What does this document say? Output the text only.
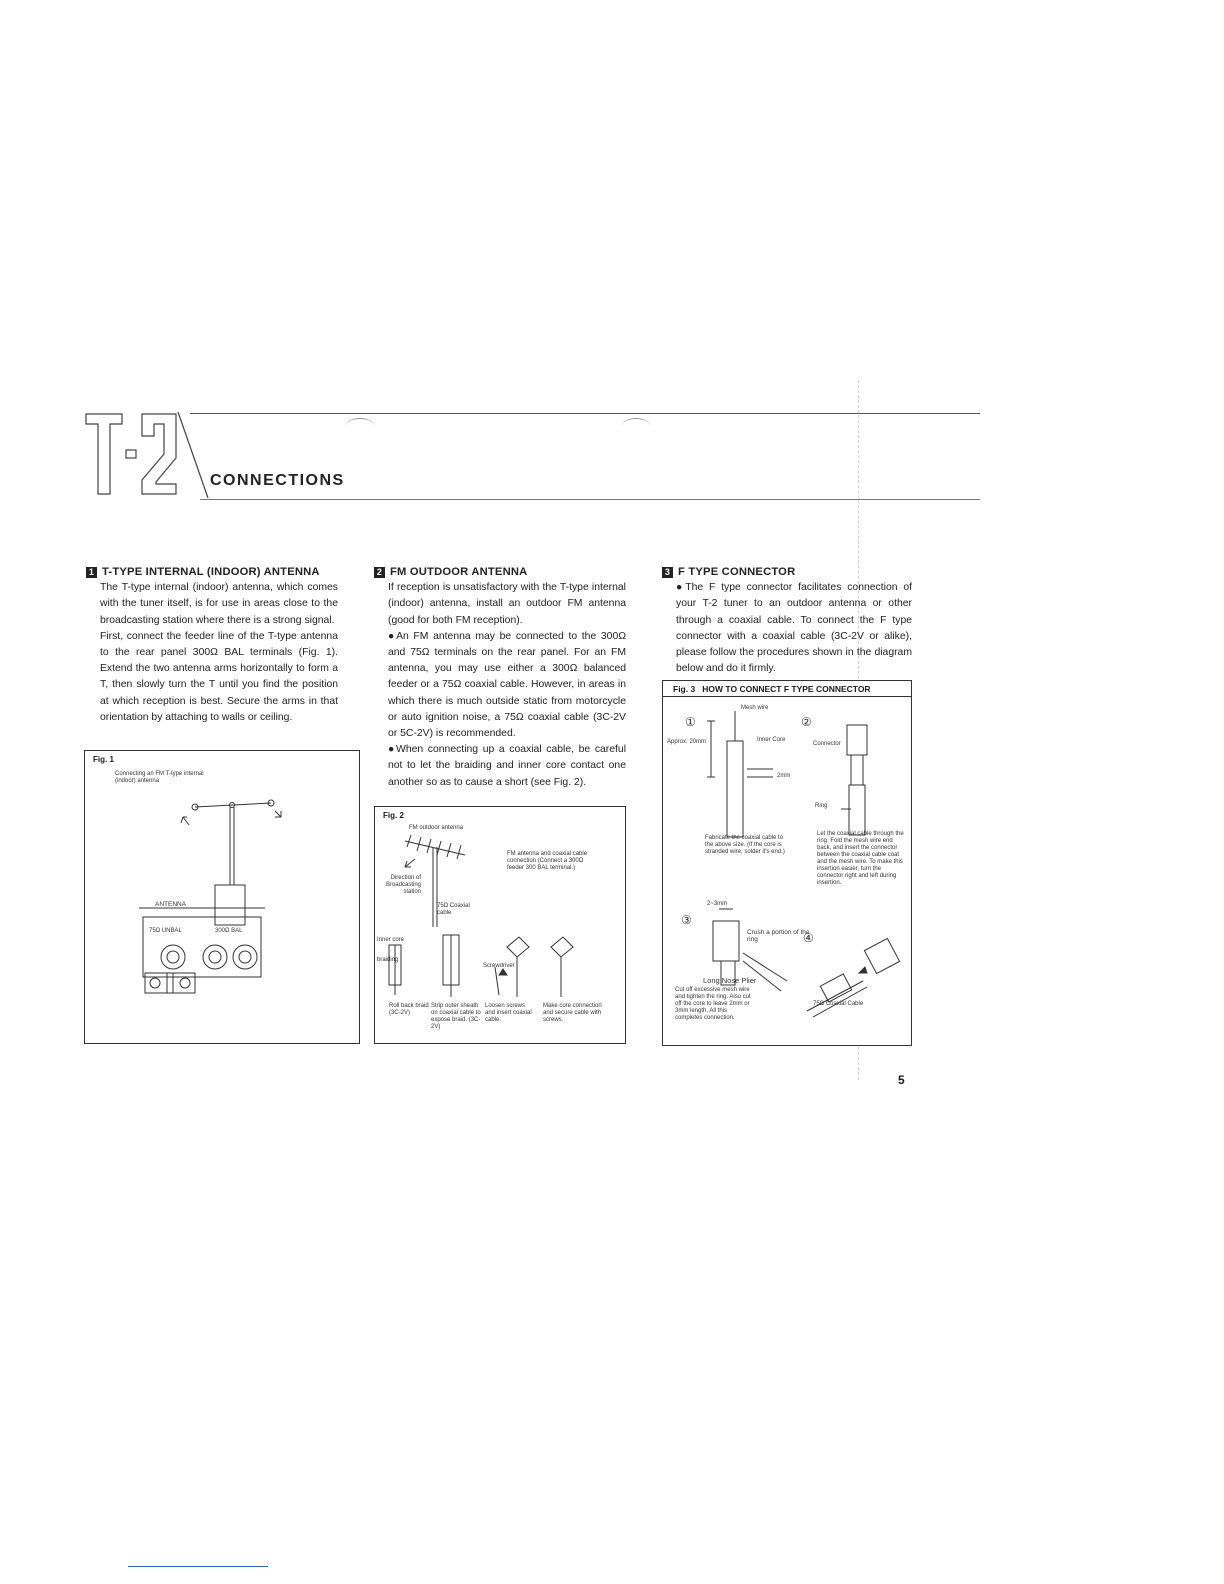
CONNECTIONS
1 T-TYPE INTERNAL (INDOOR) ANTENNA

The T-type internal (indoor) antenna, which comes with the tuner itself, is for use in areas close to the broadcasting station where there is a strong signal.

First, connect the feeder line of the T-type antenna to the rear panel 300Ω BAL terminals (Fig. 1). Extend the two antenna arms horizontally to form a T, then slowly turn the T until you find the position at which reception is best. Secure the arms in that orientation by attaching to walls or ceiling.

Fig. 1
Connecting an FM T-type internal (indoor) antenna
ANTENNA
75Ω UNBAL	300Ω BAL
2 FM OUTDOOR ANTENNA

If reception is unsatisfactory with the T-type internal (indoor) antenna, install an outdoor FM antenna (good for both FM reception).

●An FM antenna may be connected to the 300Ω and 75Ω terminals on the rear panel. For an FM antenna, you may use either a 300Ω balanced feeder or a 75Ω coaxial cable. However, in areas in which there is much outside static from motorcycle or auto ignition noise, a 75Ω coaxial cable (3C-2V or 5C-2V) is recommended.

●When connecting up a coaxial cable, be careful not to let the braiding and inner core contact one another so as to cause a short (see Fig. 2).

Fig. 2
FM outdoor antenna
FM antenna and coaxial cable connection (Connect a 300Ω feeder 300 BAL terminal.)
Direction of Broadcasting station
75Ω Coaxial cable
Inner core
braiding
Screwdriver
Roll back braid (3C-2V)
Strip outer sheath on coaxial cable to expose braid. (3C-2V)
Loosen screws and insert coaxial cable.
Make core connection and secure cable with screws.
3 F TYPE CONNECTOR

●The F type connector facilitates connection of your T-2 tuner to an outdoor antenna or other through a coaxial cable. To connect the F type connector with a coaxial cable (3C-2V or alike), please follow the procedures shown in the diagram below and do it firmly.

Fig. 3 HOW TO CONNECT F TYPE CONNECTOR
①	②
③
④
Mesh wire
Inner Core
Approx. 20mm
2mm
Connector
Ring
Fabricate the coaxial cable to the above size. (If the core is stranded wire, solder it's end.)
Let the coaxial cable through the ring. Fold the mesh wire end back, and insert the connector between the coaxial cable coat and the mesh wire. To make this insertion easier, turn the connector right and left during insertion.
2~3mm
Crush a portion of the ring
Long Nose Plier
Cut off excessive mesh wire and tighten the ring. Also cut off the core to leave 2mm or 3mm length. All this completes connection.
75Ω Coaxial Cable
5
